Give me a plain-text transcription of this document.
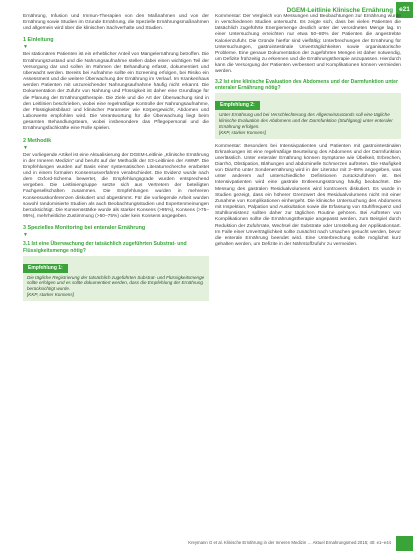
DGEM-Leitlinie Klinische Ernährung e21

Ernährung, Infusion und Immun-Therapien von den Maßnahmen und von der Ernährung sowie Studien im Grunde Ernährung, die Spezielle Ernährungsmaßnahmen und allgemein wird über die klinischen Sachverhalte und Studien.

1 Einleitung
▼

Bei stationären Patienten ist ein erheblicher Anteil von Mangelernährung betroffen. Die Ernährungszustand und die Nahrungsaufnahme stellen dabei einen wichtigen Teil der Versorgung dar und sollen im Rahmen der Behandlung erfasst, dokumentiert und überwacht werden. Bereits bei Aufnahme sollte ein Screening erfolgen, bei Risiko ein Assessment und die weitere Überwachung der Ernährung im Verlauf. Im Krankenhaus werden Patienten mit unzureichender Nahrungsaufnahme häufig nicht erkannt. Die Dokumentation der Zufuhr von Nahrung und Flüssigkeit ist daher eine Grundlage für die Planung der Ernährungstherapie. Die Ziele und die Art der Überwachung sind in den Leitlinien beschrieben, wobei eine regelmäßige Kontrolle der Nahrungsaufnahme, der Flüssigkeitsbilanz und klinischer Parameter wie Körpergewicht, Abdomen und Laborwerte empfohlen wird. Die Verantwortung für die Überwachung liegt beim gesamten Behandlungsteam, wobei insbesondere das Pflegepersonal und die Ernährungsfachkräfte eine Rolle spielen.

2 Methodik
▼

Der vorliegende Artikel ist eine Aktualisierung der DGEM-Leitlinie „Klinische Ernährung in der Inneren Medizin“ und beruht auf der Methodik der S3-Leitlinien der AWMF. Die Empfehlungen wurden auf Basis einer systematischen Literaturrecherche erarbeitet und in einem formalen Konsensusverfahren verabschiedet. Die Evidenz wurde nach dem Oxford-Schema bewertet, die Empfehlungsgrade wurden entsprechend vergeben. Die Leitliniengruppe setzte sich aus Vertretern der beteiligten Fachgesellschaften zusammen. Die Empfehlungen wurden in mehreren Konsensuskonferenzen diskutiert und abgestimmt. Für die vorliegende Arbeit wurden sowohl randomisierte Studien als auch Beobachtungsstudien und Expertenmeinungen berücksichtigt. Die Konsensstärke wurde als starker Konsens (>95%), Konsens (>75–95%), mehrheitliche Zustimmung (>50–75%) oder kein Konsens angegeben.

3 Spezielles Monitoring bei enteraler Ernährung
▼
3.1 Ist eine Überwachung der tatsächlich zugeführten Substrat- und Flüssigkeitsmenge nötig?
Empfehlung 1:

Die tägliche Registrierung der tatsächlich zugeführten Substrat- und Flüssigkeitsmenge sollte erfolgen und es sollte dokumentiert werden, dass die Empfehlung der Ernährung berücksichtigt wurde.

[KKP, starker Konsens]

Kommentar: Der Vergleich von Messungen und Beobachtungen zur Ernährung wurde in verschiedenen Studien untersucht. Es zeigte sich, dass bei vielen Patienten die tatsächlich zugeführte Energiemenge deutlich unter der verordneten Menge lag. In einer Untersuchung erreichten nur etwa 50–80% der Patienten die angestrebte Kalorienzufuhr. Die Gründe hierfür sind vielfältig: Unterbrechungen der Ernährung für Untersuchungen, gastrointestinale Unverträglichkeiten sowie organisatorische Probleme. Eine genaue Dokumentation der zugeführten Mengen ist daher notwendig, um Defizite frühzeitig zu erkennen und die Ernährungstherapie anzupassen. Hierdurch kann die Versorgung der Patienten verbessert und Komplikationen können vermieden werden.

3.2 Ist eine klinische Evaluation des Abdomens und der Darmfunktion unter enteraler Ernährung nötig?
Empfehlung 2:

Unter Ernährung und bei Verschlechterung des Allgemeinzustands soll eine tägliche klinische Evaluation des Abdomens und der Darmfunktion (Stuhlgang) unter enteraler Ernährung erfolgen.

[KKP, starker Konsens]

Kommentar: Besonders bei Intensivpatienten und Patienten mit gastrointestinalen Erkrankungen ist eine regelmäßige Beurteilung des Abdomens und der Darmfunktion unerlässlich. Unter enteraler Ernährung können Symptome wie Übelkeit, Erbrechen, Diarrhö, Obstipation, Blähungen und abdominelle Schmerzen auftreten. Die Häufigkeit von Diarrhö unter Sondenernährung wird in der Literatur mit 2–68% angegeben, was unter anderem auf unterschiedliche Definitionen zurückzuführen ist. Bei Intensivpatienten wird eine gastrale Entleerungsstörung häufig beobachtet. Die Messung des gastralen Residualvolumens wird kontrovers diskutiert. Es wurde in Studien gezeigt, dass ein höherer Grenzwert des Residualvolumens nicht mit einer Zunahme von Komplikationen einhergeht. Die klinische Untersuchung des Abdomens mit Inspektion, Palpation und Auskultation sowie die Erfassung von Stuhlfrequenz und Stuhlkonsistenz sollten daher zur täglichen Routine gehören. Bei Auftreten von Komplikationen sollte die Ernährungstherapie angepasst werden, zum Beispiel durch Reduktion der Zufuhrrate, Wechsel der Substrate oder Umstellung der Applikationsart. Im Falle einer Unverträglichkeit sollte zunächst nach Ursachen gesucht werden, bevor die enterale Ernährung beendet wird. Eine Unterbrechung sollte möglichst kurz gehalten werden, um Defizite in der Nährstoffzufuhr zu vermeiden.

Kreymann G et al. Klinische Ernährung in der Inneren Medizin … Aktuel Ernahrungsmed 2015; 40: e1–e44
